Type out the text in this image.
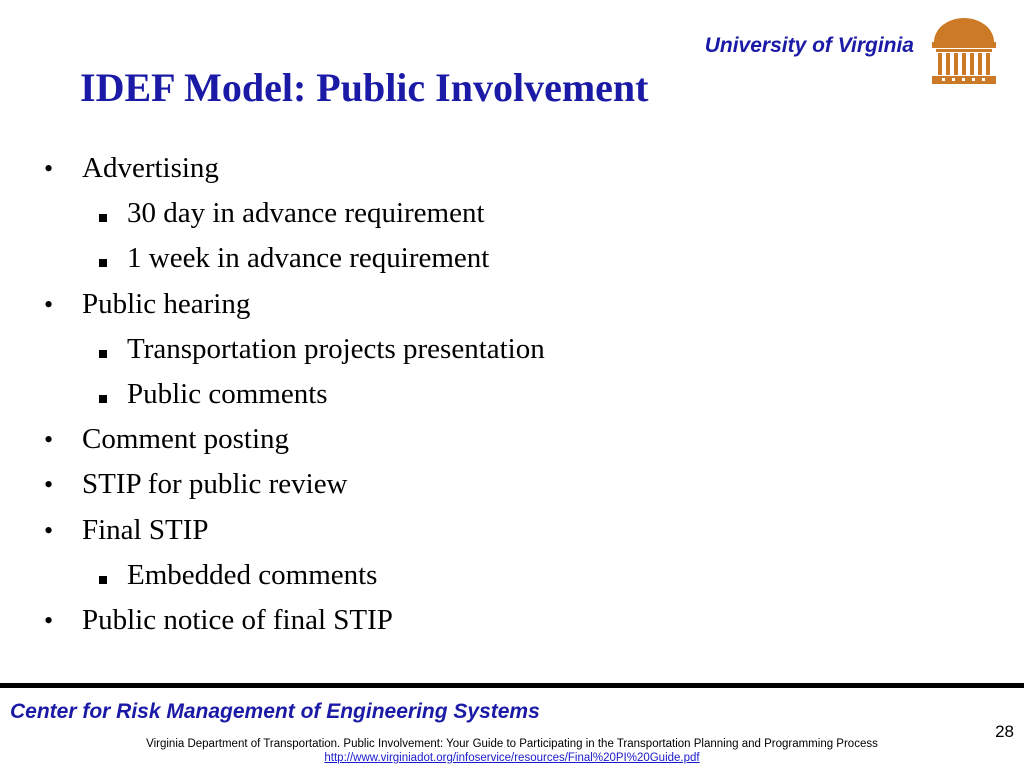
University of Virginia
IDEF Model: Public Involvement
• Advertising
30 day in advance requirement
1 week in advance requirement
• Public hearing
Transportation projects presentation
Public comments
• Comment posting
• STIP for public review
• Final STIP
Embedded comments
• Public notice of final STIP
Center for Risk Management of Engineering Systems
28
Virginia Department of Transportation. Public Involvement: Your Guide to Participating in the Transportation Planning and Programming Process
http://www.virginiadot.org/infoservice/resources/Final%20PI%20Guide.pdf
